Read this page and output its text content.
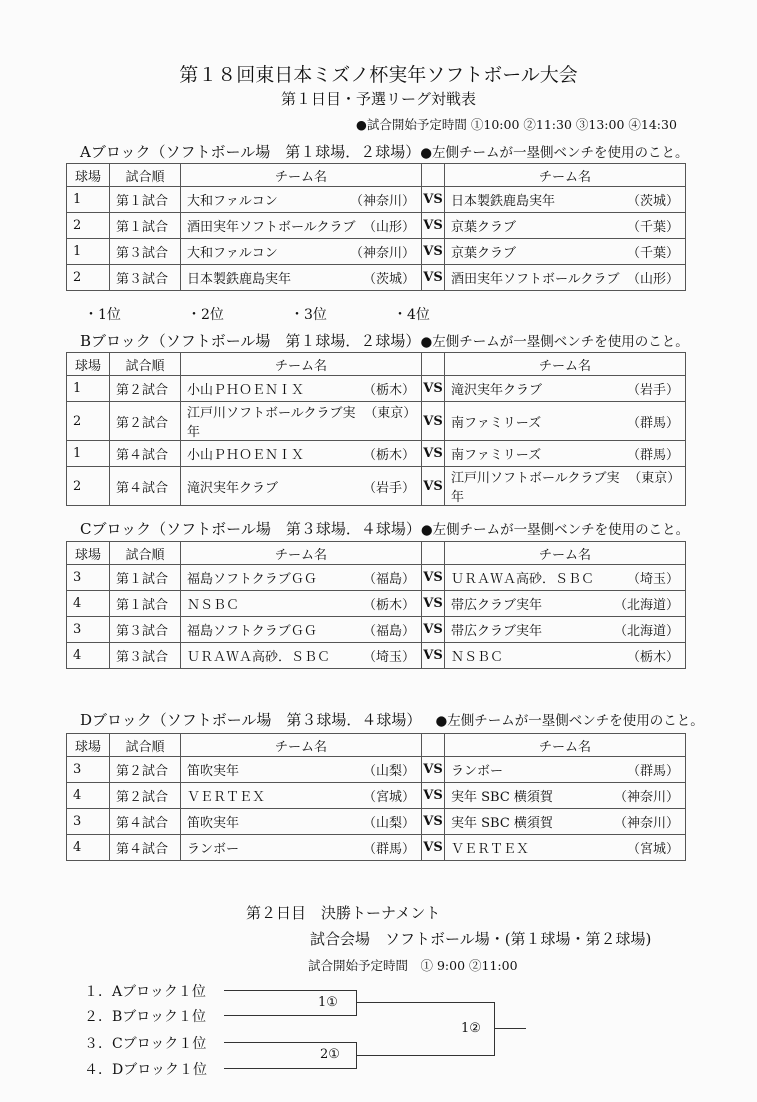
第１８回東日本ミズノ杯実年ソフトボール大会
第１日目・予選リーグ対戦表
●試合開始予定時間 ①10:00 ②11:30 ③13:00 ④14:30
Aブロック（ソフトボール場　第１球場．２球場）●左側チームが一塁側ベンチを使用のこと。
球場	試合順	チーム名		チーム名
1	第１試合	大和ファルコン （神奈川）	VS	日本製鉄鹿島実年 （茨城）

2	第１試合	酒田実年ソフトボールクラブ （山形）	VS	京葉クラブ （千葉）

1	第３試合	大和ファルコン （神奈川）	VS	京葉クラブ （千葉）

2	第３試合	日本製鉄鹿島実年 （茨城）	VS	酒田実年ソフトボールクラブ （山形）
・1位	・2位	・3位	・4位
Bブロック（ソフトボール場　第１球場．２球場）●左側チームが一塁側ベンチを使用のこと。
球場	試合順	チーム名		チーム名
1	第２試合	小山ＰＨＯＥＮＩＸ （栃木）	VS	滝沢実年クラブ （岩手）

2	第２試合	江戸川ソフトボールクラブ実年
（東京）	VS	南ファミリーズ （群馬）

1	第４試合	小山ＰＨＯＥＮＩＸ （栃木）	VS	南ファミリーズ （群馬）

2	第４試合	滝沢実年クラブ （岩手）	VS	江戸川ソフトボールクラブ実年
（東京）
Cブロック（ソフトボール場　第３球場．４球場）●左側チームが一塁側ベンチを使用のこと。
球場	試合順	チーム名		チーム名
3	第１試合	福島ソフトクラブＧＧ （福島）	VS	ＵＲＡＷＡ高砂．ＳＢＣ （埼玉）

4	第１試合	ＮＳＢＣ （栃木）	VS	帯広クラブ実年 （北海道）

3	第３試合	福島ソフトクラブＧＧ （福島）	VS	帯広クラブ実年 （北海道）

4	第３試合	ＵＲＡＷＡ高砂．ＳＢＣ （埼玉）	VS	ＮＳＢＣ （栃木）
Dブロック（ソフトボール場　第３球場．４球場） ●左側チームが一塁側ベンチを使用のこと。
球場	試合順	チーム名		チーム名
3	第２試合	笛吹実年 （山梨）	VS	ランボー （群馬）

4	第２試合	ＶＥＲＴＥＸ （宮城）	VS	実年 SBC 横須賀 （神奈川）

3	第４試合	笛吹実年 （山梨）	VS	実年 SBC 横須賀 （神奈川）

4	第４試合	ランボー （群馬）	VS	ＶＥＲＴＥＸ （宮城）
第２日目　決勝トーナメント
試合会場　ソフトボール場・(第１球場・第２球場)
試合開始予定時間　① 9:00 ②11:00
１．Aブロック１位
２．Bブロック１位
３．Cブロック１位
４．Dブロック１位
1①
2①
1②
